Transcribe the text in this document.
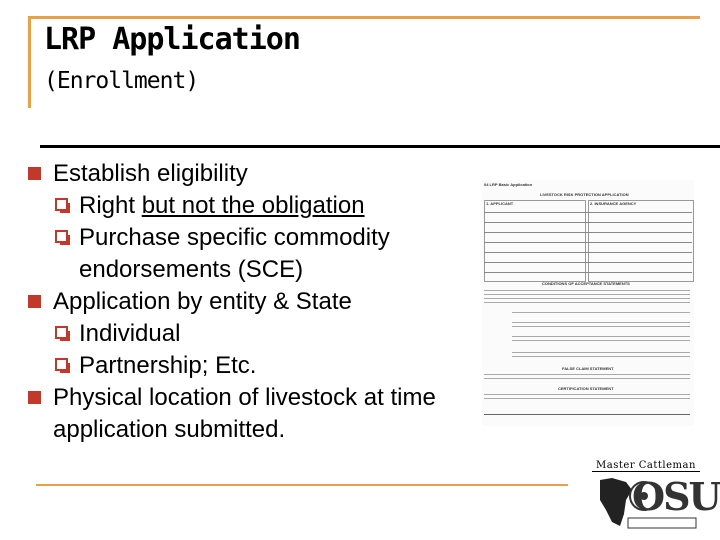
LRP Application
(Enrollment)

Establish eligibility

Right but not the obligation

Purchase specific commodity endorsements (SCE)

Application by entity & State

Individual

Partnership; Etc.

Physical location of livestock at time application submitted.

04 LRP Basic Application
LIVESTOCK RISK PROTECTION APPLICATION
1. APPLICANT	2. INSURANCE AGENCY
CONDITIONS OF ACCEPTANCE STATEMENTS
FALSE CLAIM STATEMENT
CERTIFICATION STATEMENT
Master Cattleman
OSU
